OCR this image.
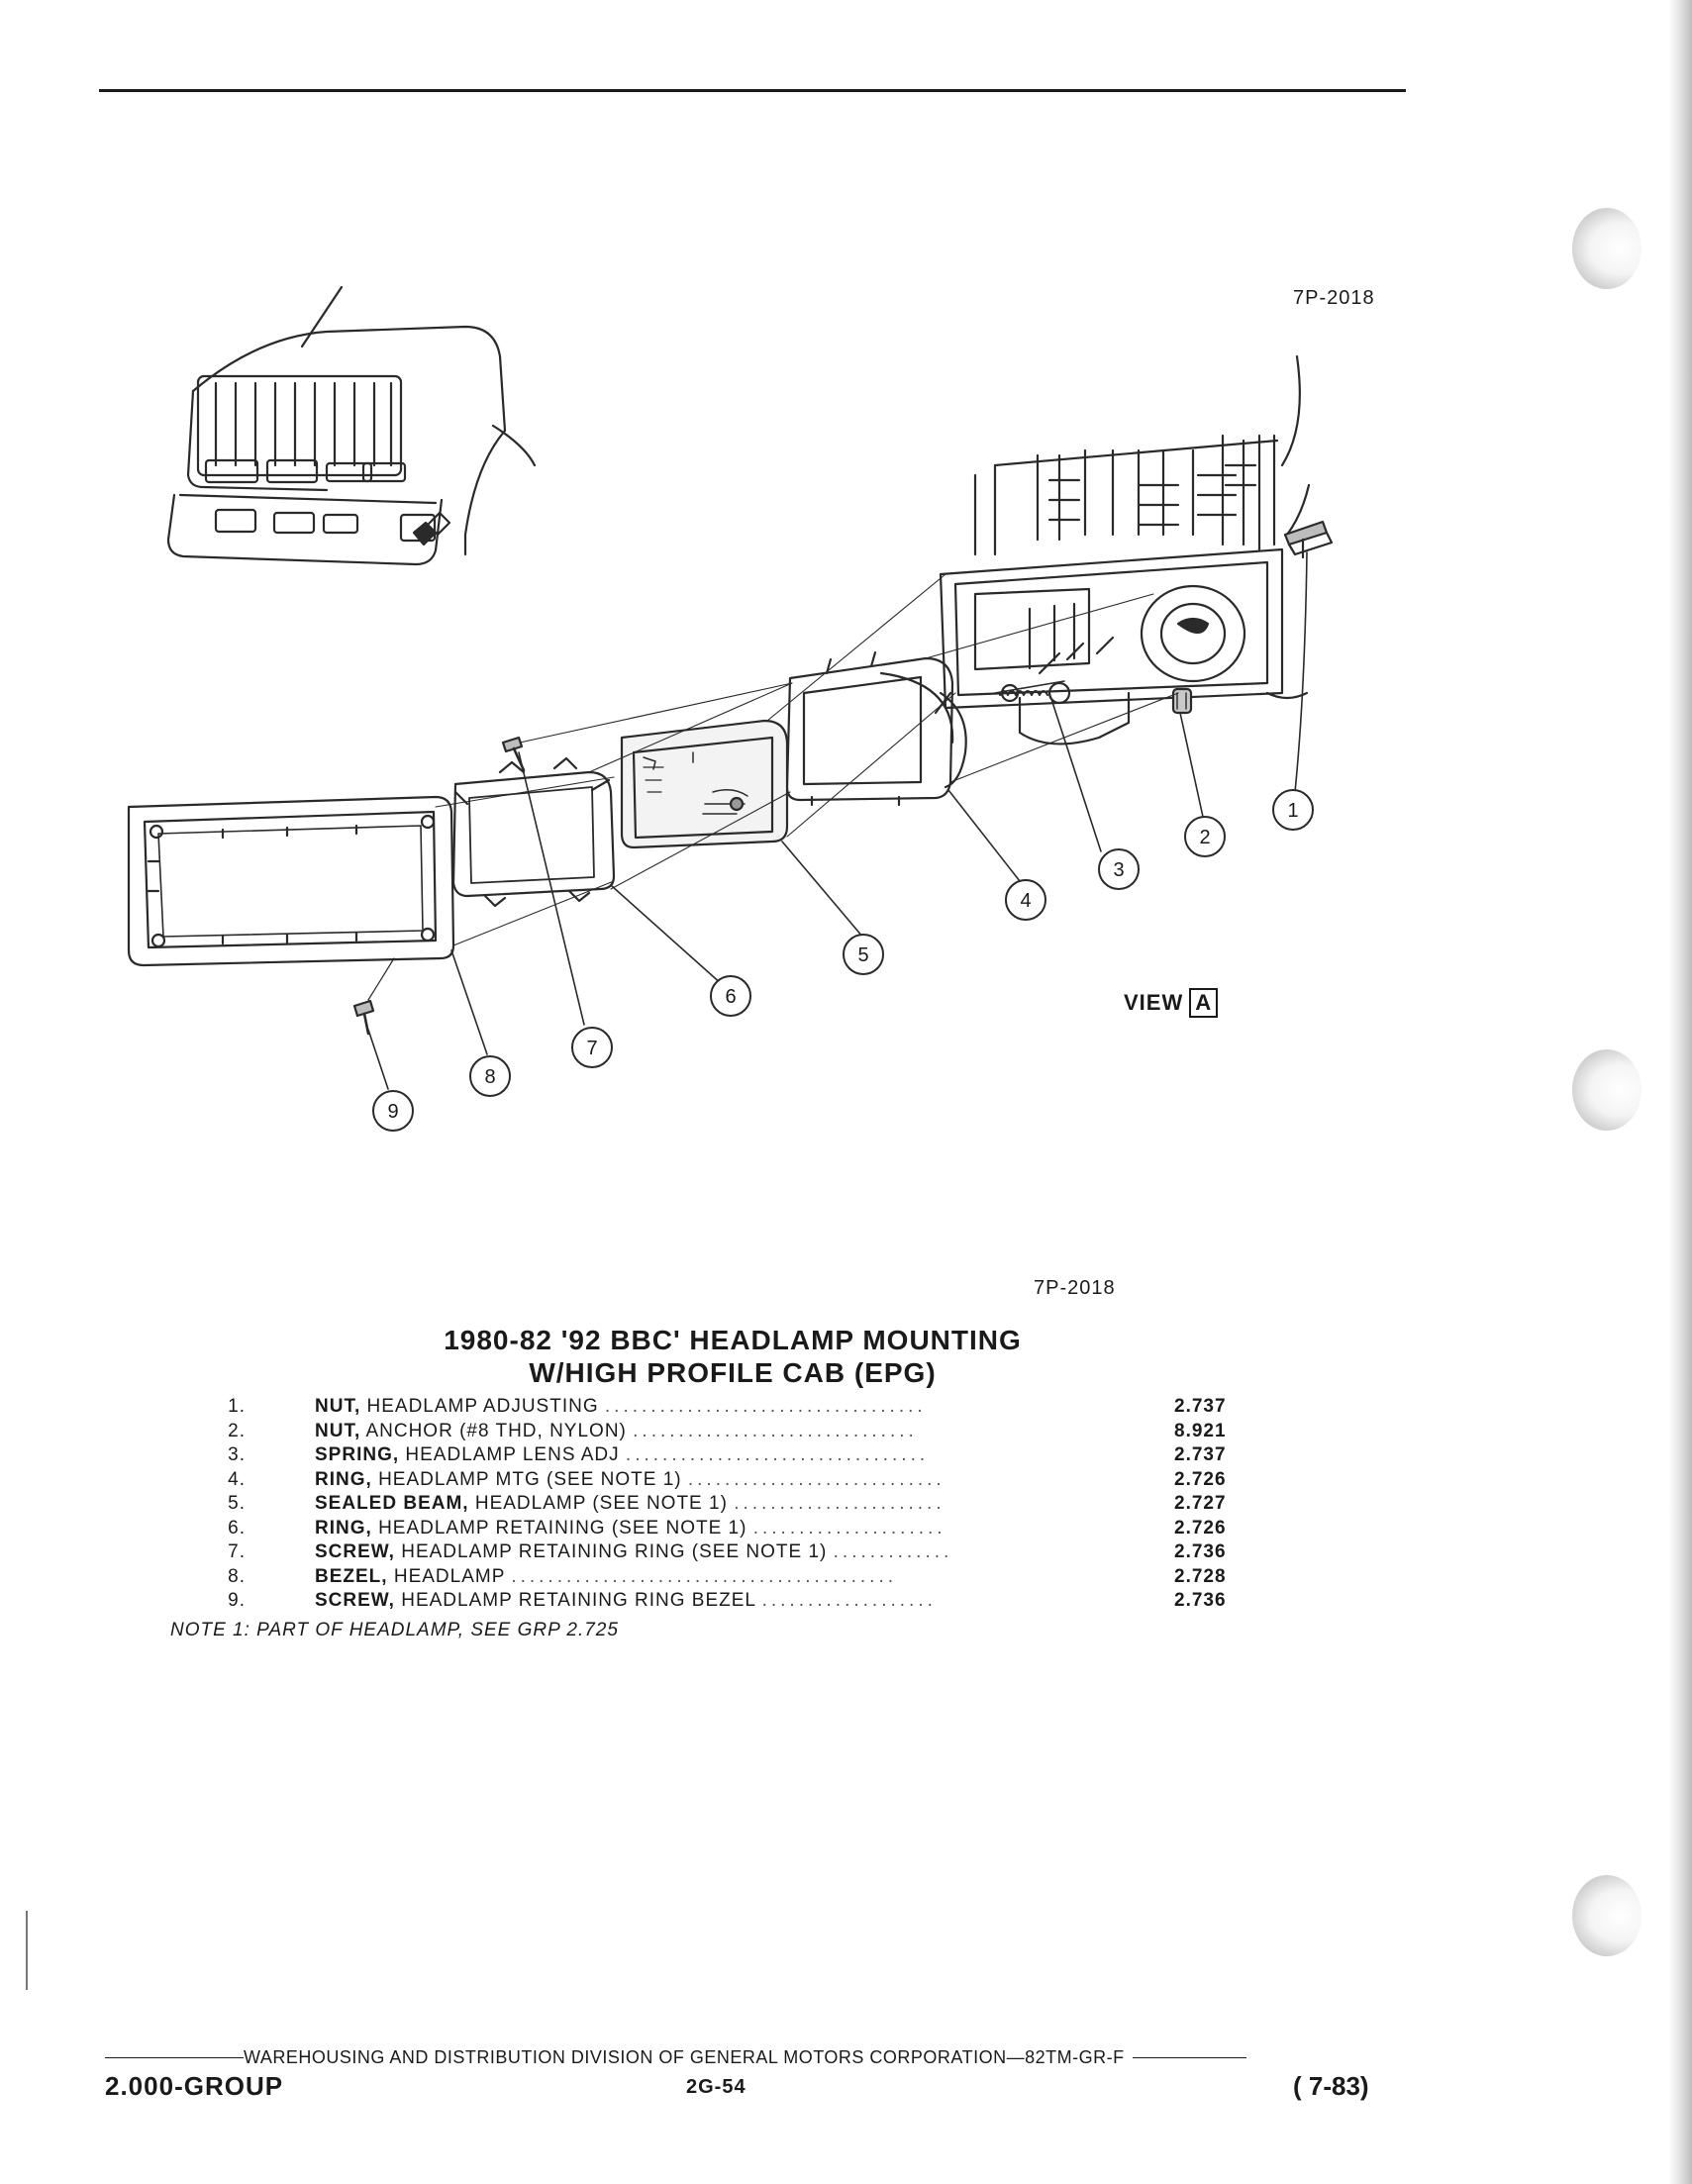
7P-2018
A
1
2
3
4
5
6
7
8
9
VIEW A
7P-2018
1980-82 '92 BBC' HEADLAMP MOUNTING
W/HIGH PROFILE CAB (EPG)
1.	NUT, HEADLAMP ADJUSTING ...................................	2.737
2.	NUT, ANCHOR (#8 THD, NYLON) ...............................	8.921
3.	SPRING, HEADLAMP LENS ADJ .................................	2.737
4.	RING, HEADLAMP MTG (SEE NOTE 1) ............................	2.726
5.	SEALED BEAM, HEADLAMP (SEE NOTE 1) .......................	2.727
6.	RING, HEADLAMP RETAINING (SEE NOTE 1) .....................	2.726
7.	SCREW, HEADLAMP RETAINING RING (SEE NOTE 1) .............	2.736
8.	BEZEL, HEADLAMP ..........................................	2.728
9.	SCREW, HEADLAMP RETAINING RING BEZEL ...................	2.736
NOTE 1: PART OF HEADLAMP, SEE GRP 2.725
WAREHOUSING AND DISTRIBUTION DIVISION OF GENERAL MOTORS CORPORATION—82TM-GR-F
2.000-GROUP	2G-54	( 7-83)
